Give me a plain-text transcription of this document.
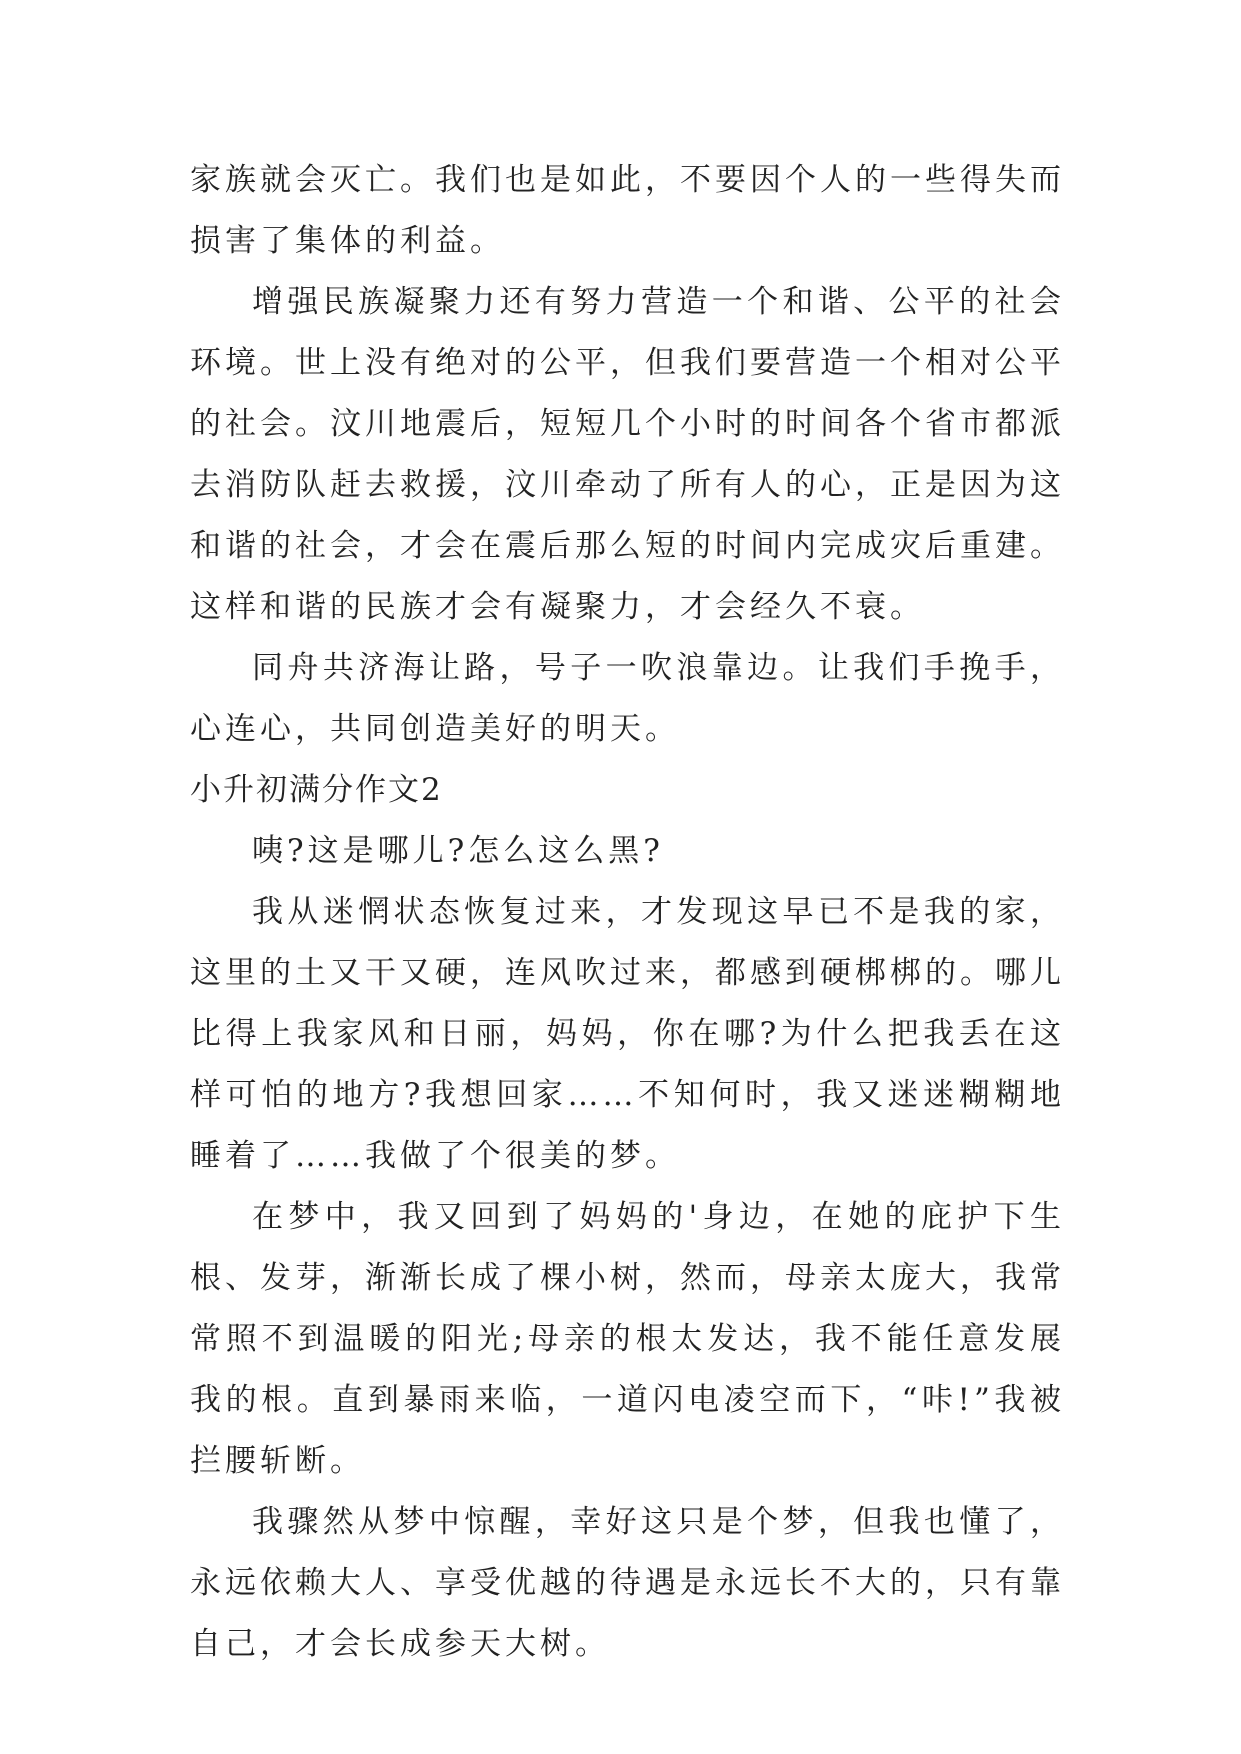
家族就会灭亡。我们也是如此，不要因个人的一些得失而损害了集体的利益。

增强民族凝聚力还有努力营造一个和谐、公平的社会环境。世上没有绝对的公平，但我们要营造一个相对公平的社会。汶川地震后，短短几个小时的时间各个省市都派去消防队赶去救援，汶川牵动了所有人的心，正是因为这和谐的社会，才会在震后那么短的时间内完成灾后重建。这样和谐的民族才会有凝聚力，才会经久不衰。

同舟共济海让路，号子一吹浪靠边。让我们手挽手，心连心，共同创造美好的明天。

小升初满分作文2

咦?这是哪儿?怎么这么黑?

我从迷惘状态恢复过来，才发现这早已不是我的家，这里的土又干又硬，连风吹过来，都感到硬梆梆的。哪儿比得上我家风和日丽，妈妈，你在哪?为什么把我丢在这样可怕的地方?我想回家……不知何时，我又迷迷糊糊地睡着了……我做了个很美的梦。

在梦中，我又回到了妈妈的'身边，在她的庇护下生根、发芽，渐渐长成了棵小树，然而，母亲太庞大，我常常照不到温暖的阳光;母亲的根太发达，我不能任意发展我的根。直到暴雨来临，一道闪电凌空而下，“咔!”我被拦腰斩断。

我骤然从梦中惊醒，幸好这只是个梦，但我也懂了，永远依赖大人、享受优越的待遇是永远长不大的，只有靠自己，才会长成参天大树。
